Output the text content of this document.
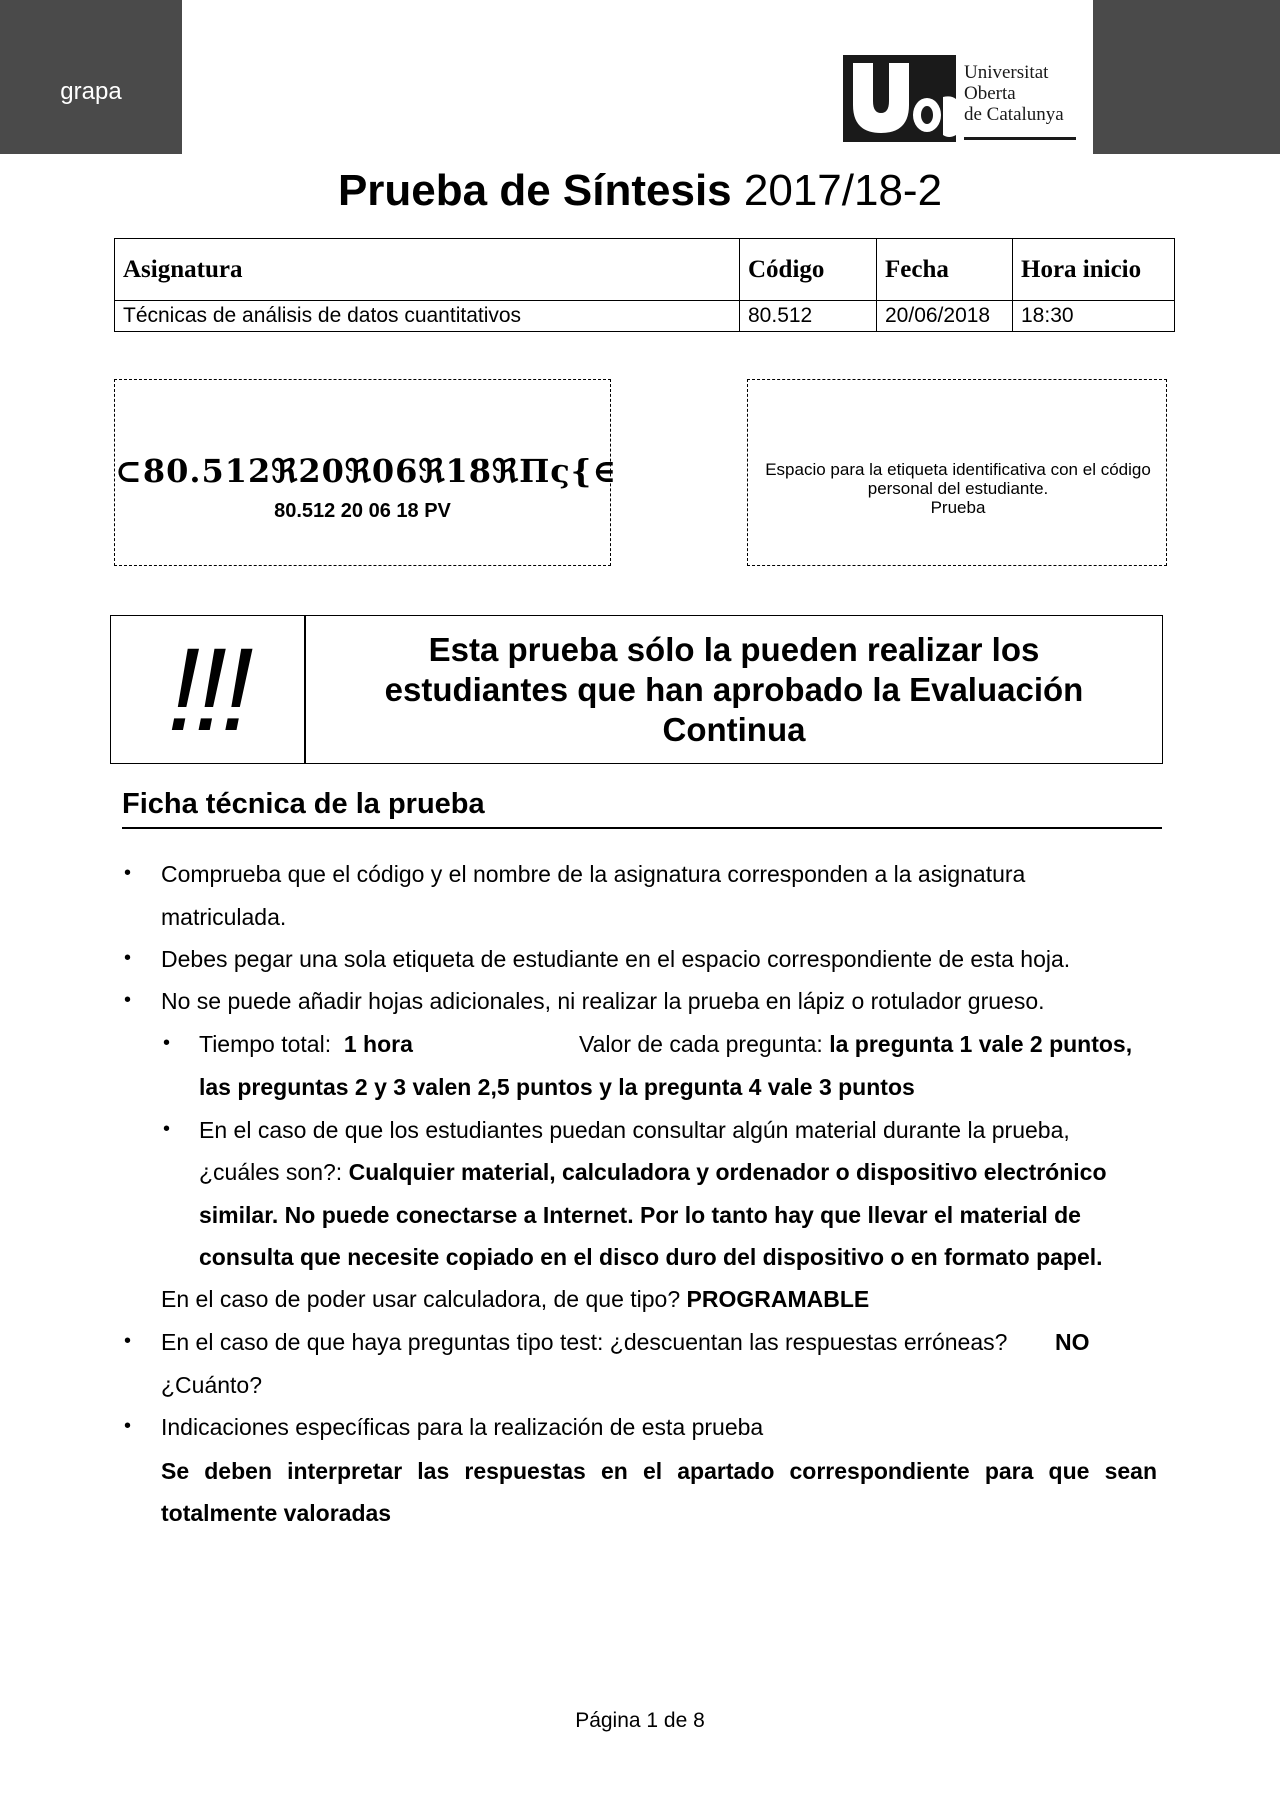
grapa
Universitat
Oberta
de Catalunya
Prueba de Síntesis 2017/18-2
Asignatura	Código	Fecha	Hora inicio
Técnicas de análisis de datos cuantitativos	80.512	20/06/2018	18:30
⊂80.512ℜ20ℜ06ℜ18ℜΠς{∈
80.512 20 06 18 PV
Espacio para la etiqueta identificativa con el código
personal del estudiante.
Prueba
!!!	Esta prueba sólo la pueden realizar los
estudiantes que han aprobado la Evaluación
Continua
Ficha técnica de la prueba
• Comprueba que el código y el nombre de la asignatura corresponden a la asignatura
matriculada.
• Debes pegar una sola etiqueta de estudiante en el espacio correspondiente de esta hoja.
• No se puede añadir hojas adicionales, ni realizar la prueba en lápiz o rotulador grueso.
• Tiempo total: 1 hora	Valor de cada pregunta: la pregunta 1 vale 2 puntos,
las preguntas 2 y 3 valen 2,5 puntos y la pregunta 4 vale 3 puntos
• En el caso de que los estudiantes puedan consultar algún material durante la prueba,
¿cuáles son?: Cualquier material, calculadora y ordenador o dispositivo electrónico
similar. No puede conectarse a Internet. Por lo tanto hay que llevar el material de
consulta que necesite copiado en el disco duro del dispositivo o en formato papel.
En el caso de poder usar calculadora, de que tipo? PROGRAMABLE
• En el caso de que haya preguntas tipo test: ¿descuentan las respuestas erróneas? NO
¿Cuánto?
• Indicaciones específicas para la realización de esta prueba
Se deben interpretar las respuestas en el apartado correspondiente para que sean totalmente valoradas
Página 1 de 8
